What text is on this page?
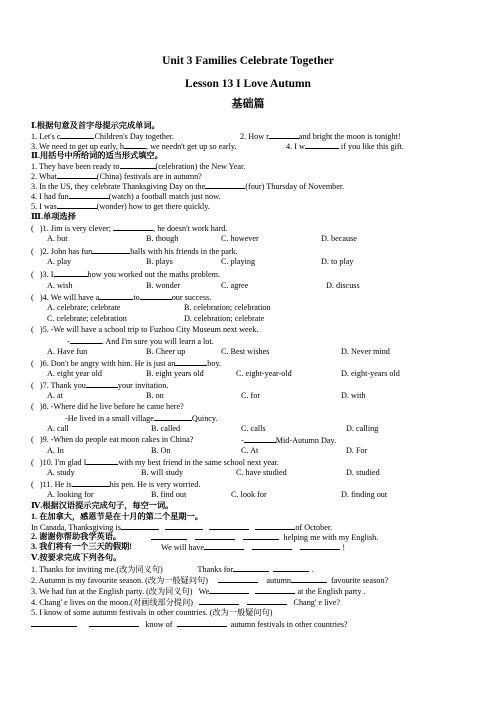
Unit 3 Families Celebrate Together
Lesson 13 I Love Autumn
基础篇
Ⅰ.根据句意及首字母提示完成单词。
1. Let's c	Children's Day together.	2. How r	and bright the moon is tonight!
3. We need to get up early, h	, we needn't get up so early.	4. I w	if you like this gift.
Ⅱ.用括号中所给词的适当形式填空。
1. They have been ready to	(celebration) the New Year.
2. What	(China) festivals are in autumn?
3. In the US, they celebrate Thanksgiving Day on the	(four) Thursday of November.
4. I had fun	(watch) a football match just now.
5. I was	(wonder) how to get there quickly.
Ⅲ.单项选择
( )1. Jim is very clever;	, he doesn't work hard.
A. but	B. though	C. however	D. because
( )2. John has fun	balls with his friends in the park.
A. play	B. plays	C. playing	D. to play
( )3. I	how you worked out the maths problem.
A. wish	B. wonder	C. agree	D. discuss
( )4. We will have a	to	our success.
A. celebrate; celebrate	B. celebration; celebration
C. celebrate; celebration	D. celebration; celebrate
( )5. -We will have a school trip to Fuzhou City Museum next week.
-	. And I'm sure you will learn a lot.
A. Have fun	B. Cheer up	C. Best wishes	D. Never mind
( )6. Don't be angry with him. He is just an	boy.
A. eight year old	B. eight years old	C. eight-year-old	D. eight-years old
( )7. Thank you	your invitation.
A. at	B. on	C. for	D. with
( )8. -Where did he live before he came here?
-He lived in a small village	Quincy.
A. call	B. called	C. calls	D. calling
( )9. -When do people eat moon cakes in China?	-	Mid-Autumn Day.
A. In	B. On	C. At	D. For
( )10. I'm glad I	with my best friend in the same school next year.
A. study	B. will study	C. have studied	D. studied
( )11. He is	his pen. He is very worried.
A. looking for	B. find out	C. look for	D. finding out
Ⅳ.根据汉语提示完成句子，每空一词。
1. 在加拿大，感恩节是在十月的第二个星期一。
In Canada, Thanksgiving is	of October.
2. 谢谢你帮助我学英语。	helping me with my English.
3. 我们将有一个三天的假期!	We will have	!
Ⅴ.按要求完成下列各句。
1. Thanks for inviting me.(改为同义句)	Thanks for	.
2. Autumn is my favourite season. (改为一般疑问句)	autumn	favourite season?
3. We had fun at the English party. (改为同义句) We	at the English party .
4. Chang' e lives on the moon.(对画线部分提问)	Chang' e live?
5. I know of some autumn festivals in other countries. (改为一般疑问句)
know of	autumn festivals in other countries?
